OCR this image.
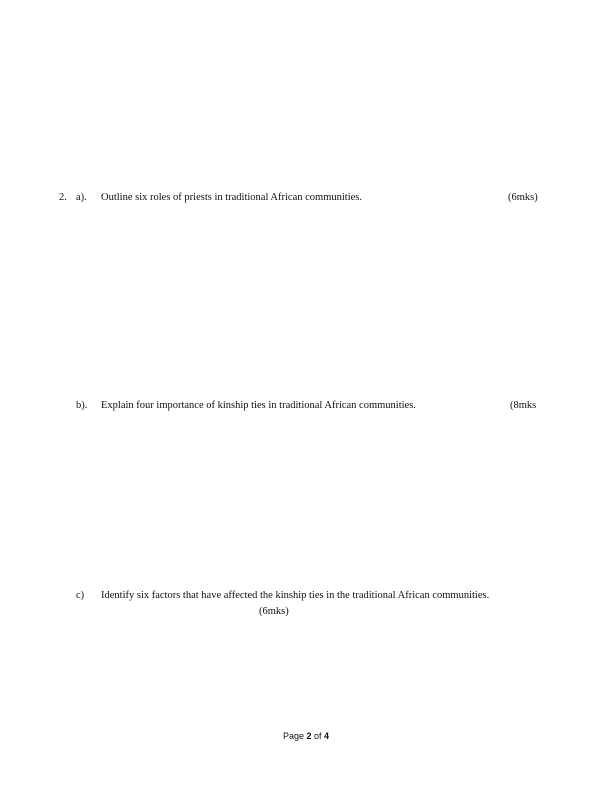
2. a). Outline six roles of priests in traditional African communities.	(6mks)
b). Explain four importance of kinship ties in traditional African communities.	(8mks
c) Identify six factors that have affected the kinship ties in the traditional African communities.
(6mks)
Page 2 of 4
